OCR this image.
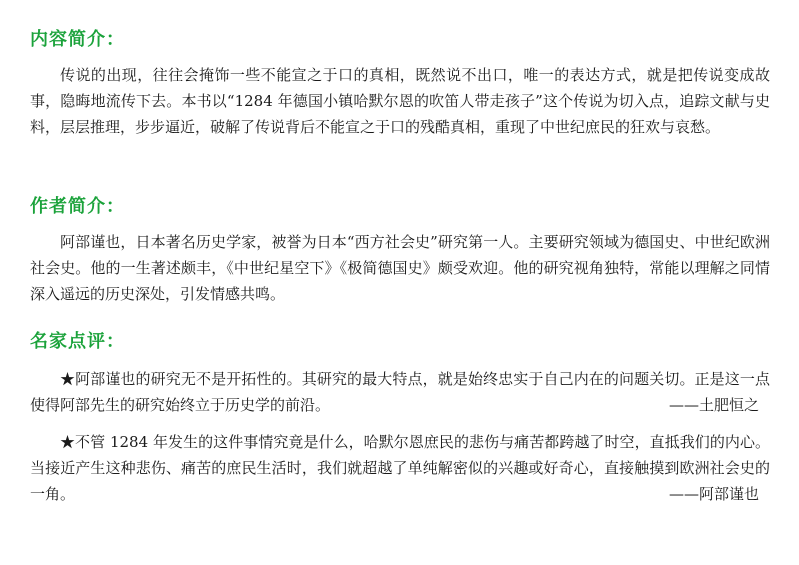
内容简介：

传说的出现，往往会掩饰一些不能宣之于口的真相，既然说不出口，唯一的表达方式，就是把传说变成故事，隐晦地流传下去。本书以“1284 年德国小镇哈默尔恩的吹笛人带走孩子”这个传说为切入点，追踪文献与史料，层层推理，步步逼近，破解了传说背后不能宣之于口的残酷真相，重现了中世纪庶民的狂欢与哀愁。

作者简介：

阿部谨也，日本著名历史学家，被誉为日本“西方社会史”研究第一人。主要研究领域为德国史、中世纪欧洲社会史。他的一生著述颇丰，《中世纪星空下》《极简德国史》颇受欢迎。他的研究视角独特，常能以理解之同情深入遥远的历史深处，引发情感共鸣。

名家点评：

★阿部谨也的研究无不是开拓性的。其研究的最大特点，就是始终忠实于自己内在的问题关切。正是这一点使得阿部先生的研究始终立于历史学的前沿。	——土肥恒之

★不管 1284 年发生的这件事情究竟是什么，哈默尔恩庶民的悲伤与痛苦都跨越了时空，直抵我们的内心。当接近产生这种悲伤、痛苦的庶民生活时，我们就超越了单纯解密似的兴趣或好奇心，直接触摸到欧洲社会史的一角。	——阿部谨也
